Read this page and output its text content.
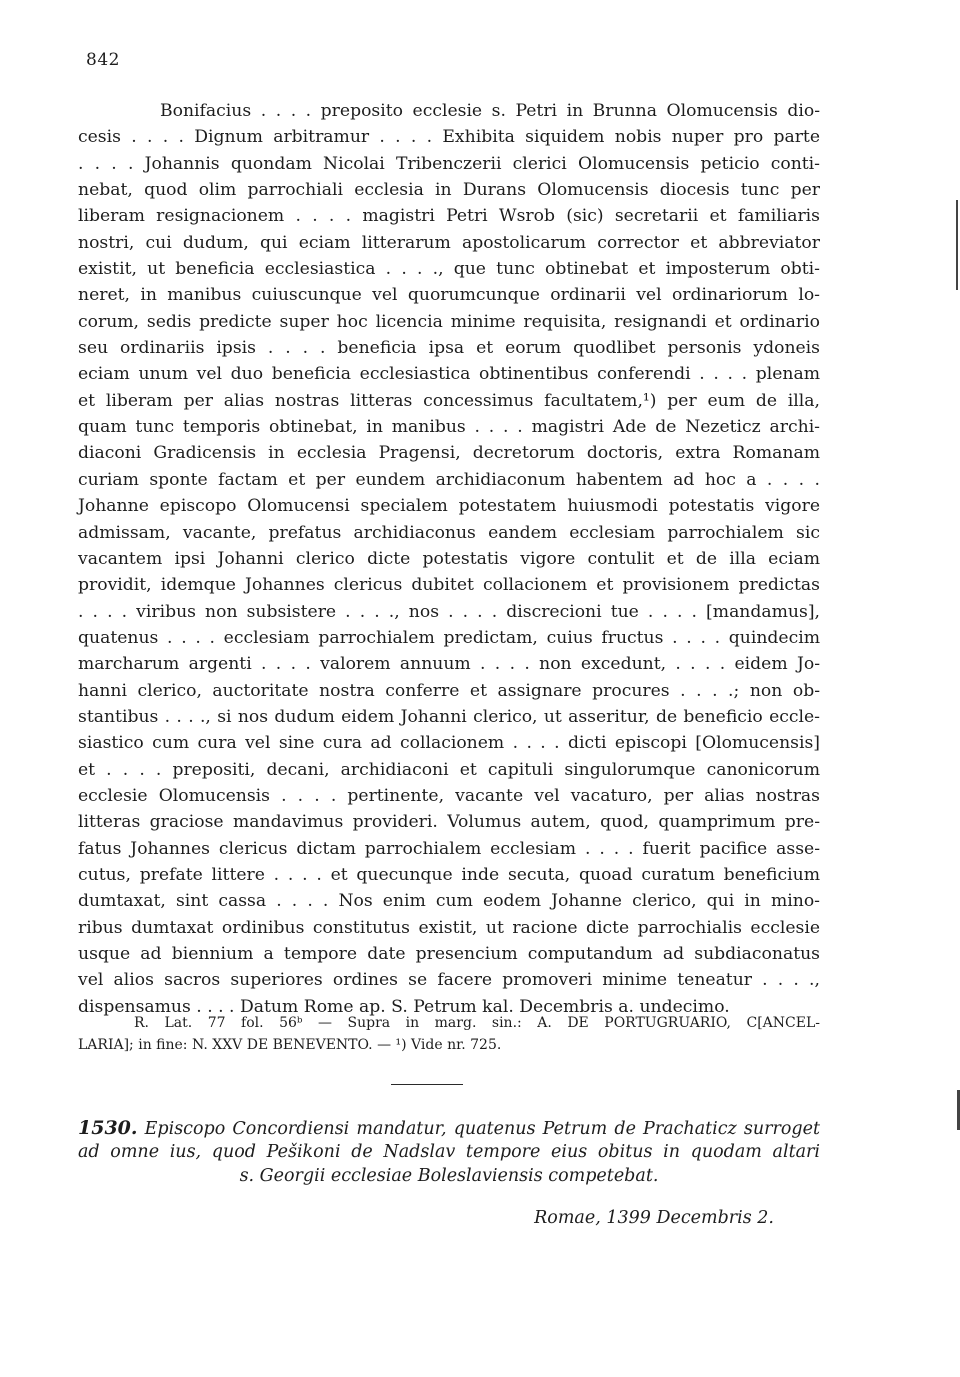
842
Bonifacius . . . . preposito ecclesie s. Petri in Brunna Olomucensis dio-
cesis . . . . Dignum arbitramur . . . . Exhibita siquidem nobis nuper pro parte
. . . . Johannis quondam Nicolai Tribenczerii clerici Olomucensis peticio conti-
nebat, quod olim parrochiali ecclesia in Durans Olomucensis diocesis tunc per
liberam resignacionem . . . . magistri Petri Wsrob (sic) secretarii et familiaris
nostri, cui dudum, qui eciam litterarum apostolicarum corrector et abbreviator
existit, ut beneficia ecclesiastica . . . ., que tunc obtinebat et imposterum obti-
neret, in manibus cuiuscunque vel quorumcunque ordinarii vel ordinariorum lo-
corum, sedis predicte super hoc licencia minime requisita, resignandi et ordinario
seu ordinariis ipsis . . . . beneficia ipsa et eorum quodlibet personis ydoneis
eciam unum vel duo beneficia ecclesiastica obtinentibus conferendi . . . . plenam
et liberam per alias nostras litteras concessimus facultatem,¹) per eum de illa,
quam tunc temporis obtinebat, in manibus . . . . magistri Ade de Nezeticz archi-
diaconi Gradicensis in ecclesia Pragensi, decretorum doctoris, extra Romanam
curiam sponte factam et per eundem archidiaconum habentem ad hoc a . . . .
Johanne episcopo Olomucensi specialem potestatem huiusmodi potestatis vigore
admissam, vacante, prefatus archidiaconus eandem ecclesiam parrochialem sic
vacantem ipsi Johanni clerico dicte potestatis vigore contulit et de illa eciam
providit, idemque Johannes clericus dubitet collacionem et provisionem predictas
. . . . viribus non subsistere . . . ., nos . . . . discrecioni tue . . . . [mandamus],
quatenus . . . . ecclesiam parrochialem predictam, cuius fructus . . . . quindecim
marcharum argenti . . . . valorem annuum . . . . non excedunt, . . . . eidem Jo-
hanni clerico, auctoritate nostra conferre et assignare procures . . . .; non ob-
stantibus . . . ., si nos dudum eidem Johanni clerico, ut asseritur, de beneficio eccle-
siastico cum cura vel sine cura ad collacionem . . . . dicti episcopi [Olomucensis]
et . . . . prepositi, decani, archidiaconi et capituli singulorumque canonicorum
ecclesie Olomucensis . . . . pertinente, vacante vel vacaturo, per alias nostras
litteras graciose mandavimus provideri. Volumus autem, quod, quamprimum pre-
fatus Johannes clericus dictam parrochialem ecclesiam . . . . fuerit pacifice asse-
cutus, prefate littere . . . . et quecunque inde secuta, quoad curatum beneficium
dumtaxat, sint cassa . . . . Nos enim cum eodem Johanne clerico, qui in mino-
ribus dumtaxat ordinibus constitutus existit, ut racione dicte parrochialis ecclesie
usque ad biennium a tempore date presencium computandum ad subdiaconatus
vel alios sacros superiores ordines se facere promoveri minime teneatur . . . .,
dispensamus . . . . Datum Rome ap. S. Petrum kal. Decembris a. undecimo.
R. Lat. 77 fol. 56ᵇ — Supra in marg. sin.: A. DE PORTUGRUARIO, C[ANCEL-
LARIA]; in fine: N. XXV DE BENEVENTO. — ¹) Vide nr. 725.
1530. Episcopo Concordiensi mandatur, quatenus Petrum de Prachaticz surroget
ad omne ius, quod Pešikoni de Nadslav tempore eius obitus in quodam altari
s. Georgii ecclesiae Boleslaviensis competebat.
Romae, 1399 Decembris 2.
